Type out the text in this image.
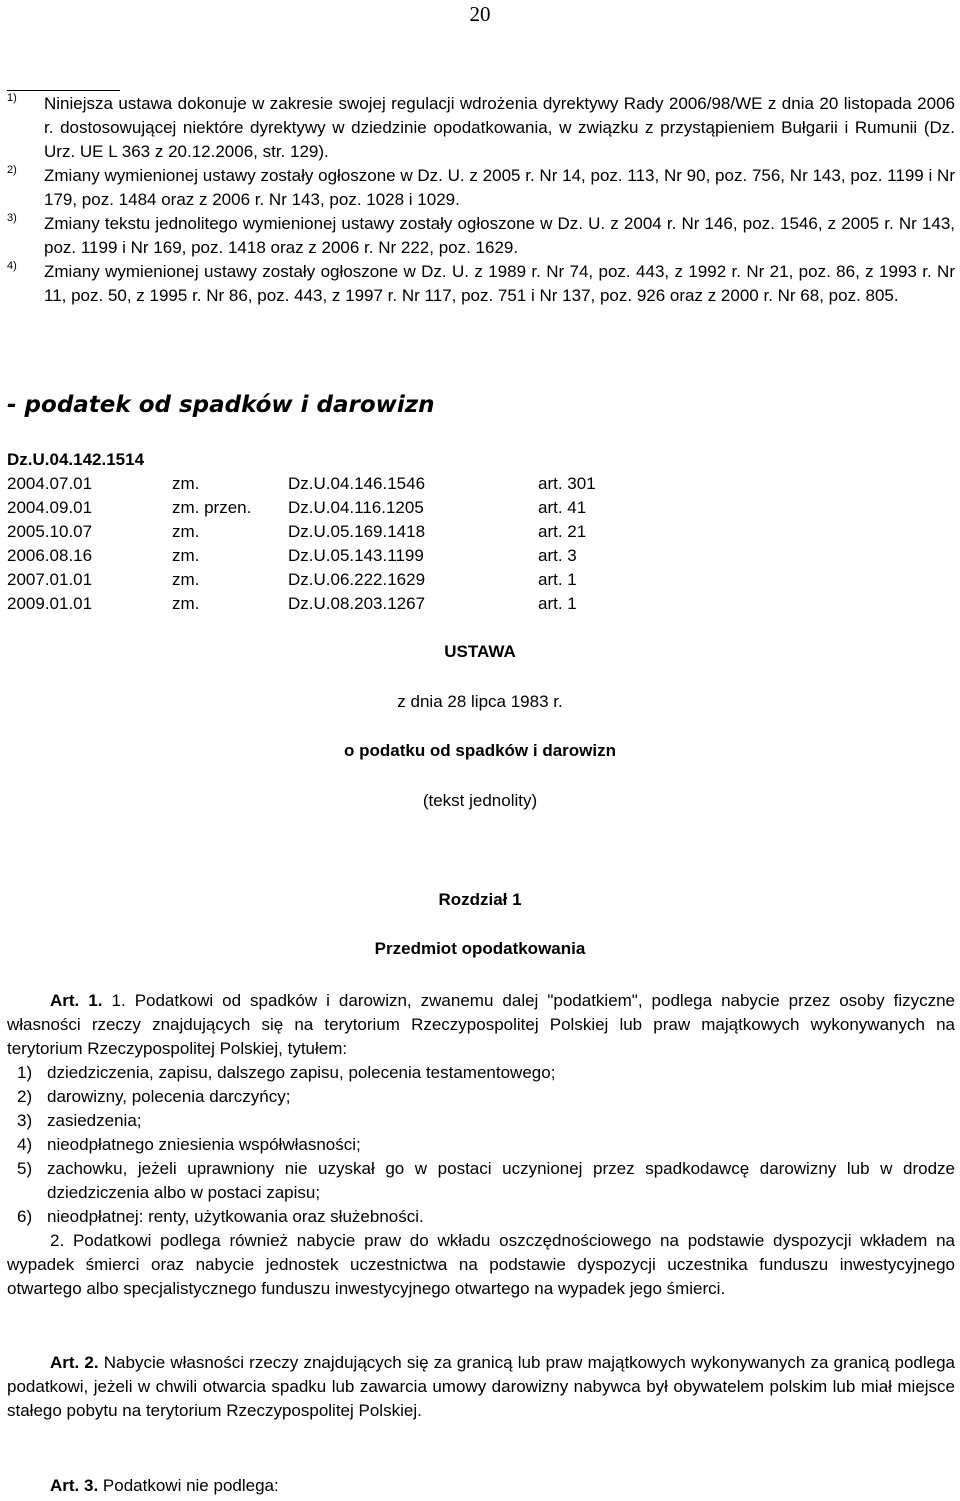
20
1) Niniejsza ustawa dokonuje w zakresie swojej regulacji wdrożenia dyrektywy Rady 2006/98/WE z dnia 20 listopada 2006 r. dostosowującej niektóre dyrektywy w dziedzinie opodatkowania, w związku z przystąpieniem Bułgarii i Rumunii (Dz. Urz. UE L 363 z 20.12.2006, str. 129).
2) Zmiany wymienionej ustawy zostały ogłoszone w Dz. U. z 2005 r. Nr 14, poz. 113, Nr 90, poz. 756, Nr 143, poz. 1199 i Nr 179, poz. 1484 oraz z 2006 r. Nr 143, poz. 1028 i 1029.
3) Zmiany tekstu jednolitego wymienionej ustawy zostały ogłoszone w Dz. U. z 2004 r. Nr 146, poz. 1546, z 2005 r. Nr 143, poz. 1199 i Nr 169, poz. 1418 oraz z 2006 r. Nr 222, poz. 1629.
4) Zmiany wymienionej ustawy zostały ogłoszone w Dz. U. z 1989 r. Nr 74, poz. 443, z 1992 r. Nr 21, poz. 86, z 1993 r. Nr 11, poz. 50, z 1995 r. Nr 86, poz. 443, z 1997 r. Nr 117, poz. 751 i Nr 137, poz. 926 oraz z 2000 r. Nr 68, poz. 805.
- podatek od spadków i darowizn
Dz.U.04.142.1514
2004.07.01	zm.	Dz.U.04.146.1546	art. 301
2004.09.01	zm. przen.	Dz.U.04.116.1205	art. 41
2005.10.07	zm.	Dz.U.05.169.1418	art. 21
2006.08.16	zm.	Dz.U.05.143.1199	art. 3
2007.01.01	zm.	Dz.U.06.222.1629	art. 1
2009.01.01	zm.	Dz.U.08.203.1267	art. 1
USTAWA
z dnia 28 lipca 1983 r.
o podatku od spadków i darowizn
(tekst jednolity)
Rozdział 1
Przedmiot opodatkowania

Art. 1. 1. Podatkowi od spadków i darowizn, zwanemu dalej "podatkiem", podlega nabycie przez osoby fizyczne własności rzeczy znajdujących się na terytorium Rzeczypospolitej Polskiej lub praw majątkowych wykonywanych na terytorium Rzeczypospolitej Polskiej, tytułem:

1) dziedziczenia, zapisu, dalszego zapisu, polecenia testamentowego;
2) darowizny, polecenia darczyńcy;
3) zasiedzenia;
4) nieodpłatnego zniesienia współwłasności;
5) zachowku, jeżeli uprawniony nie uzyskał go w postaci uczynionej przez spadkodawcę darowizny lub w drodze dziedziczenia albo w postaci zapisu;
6) nieodpłatnej: renty, użytkowania oraz służebności.

2. Podatkowi podlega również nabycie praw do wkładu oszczędnościowego na podstawie dyspozycji wkładem na wypadek śmierci oraz nabycie jednostek uczestnictwa na podstawie dyspozycji uczestnika funduszu inwestycyjnego otwartego albo specjalistycznego funduszu inwestycyjnego otwartego na wypadek jego śmierci.

Art. 2. Nabycie własności rzeczy znajdujących się za granicą lub praw majątkowych wykonywanych za granicą podlega podatkowi, jeżeli w chwili otwarcia spadku lub zawarcia umowy darowizny nabywca był obywatelem polskim lub miał miejsce stałego pobytu na terytorium Rzeczypospolitej Polskiej.

Art. 3. Podatkowi nie podlega:
